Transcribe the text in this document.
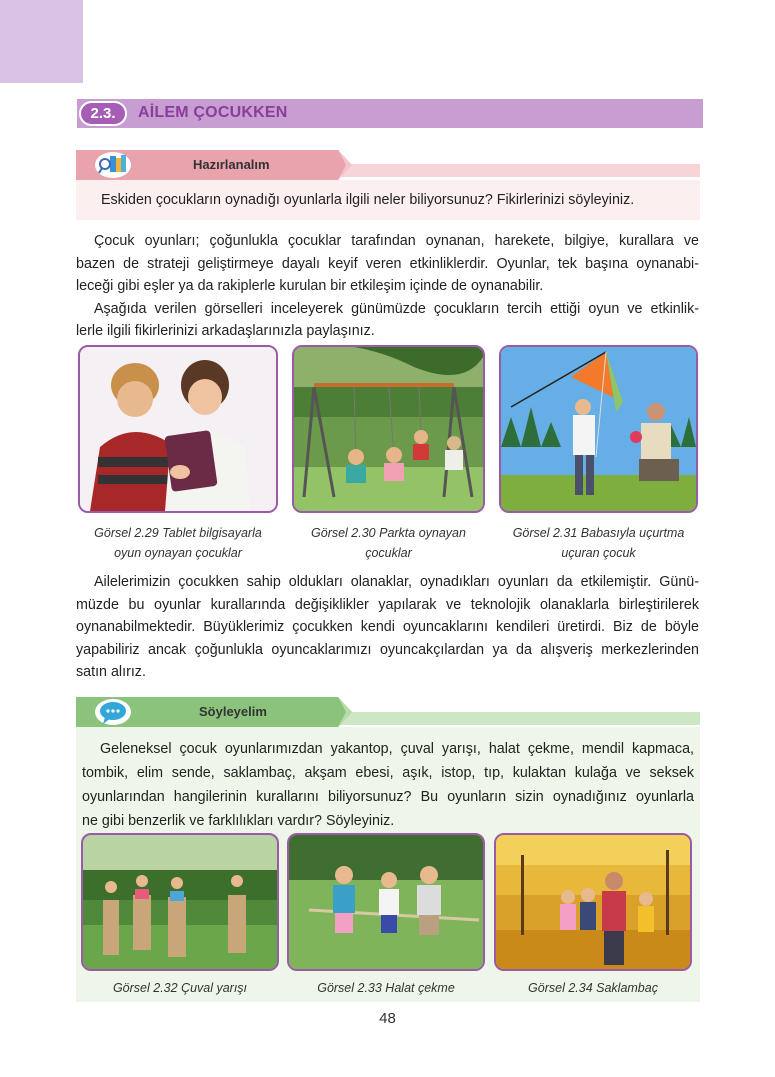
2.3.	AİLEM ÇOCUKKEN
Hazırlanalım
Eskiden çocukların oynadığı oyunlarla ilgili neler biliyorsunuz? Fikirlerinizi söyleyiniz.
Çocuk oyunları; çoğunlukla çocuklar tarafından oynanan, harekete, bilgiye, kurallara ve
bazen de strateji geliştirmeye dayalı keyif veren etkinliklerdir. Oyunlar, tek başına oynanabi-
leceği gibi eşler ya da rakiplerle kurulan bir etkileşim içinde de oynanabilir.
Aşağıda verilen görselleri inceleyerek günümüzde çocukların tercih ettiği oyun ve etkinlik-
lerle ilgili fikirlerinizi arkadaşlarınızla paylaşınız.
Görsel 2.29 Tablet bilgisayarla
oyun oynayan çocuklar
Görsel 2.30 Parkta oynayan
çocuklar
Görsel 2.31 Babasıyla uçurtma
uçuran çocuk
Ailelerimizin çocukken sahip oldukları olanaklar, oynadıkları oyunları da etkilemiştir. Günü-
müzde bu oyunlar kurallarında değişiklikler yapılarak ve teknolojik olanaklarla birleştirilerek
oynanabilmektedir. Büyüklerimiz çocukken kendi oyuncaklarını kendileri üretirdi. Biz de böyle
yapabiliriz ancak çoğunlukla oyuncaklarımızı oyuncakçılardan ya da alışveriş merkezlerinden
satın alırız.
Söyleyelim
Geleneksel çocuk oyunlarımızdan yakantop, çuval yarışı, halat çekme, mendil kapmaca,
tombik, elim sende, saklambaç, akşam ebesi, aşık, istop, tıp, kulaktan kulağa ve seksek
oyunlarından hangilerinin kurallarını biliyorsunuz? Bu oyunların sizin oynadığınız oyunlarla
ne gibi benzerlik ve farklılıkları vardır? Söyleyiniz.
Görsel 2.32 Çuval yarışı	Görsel 2.33 Halat çekme	Görsel 2.34 Saklambaç
48
